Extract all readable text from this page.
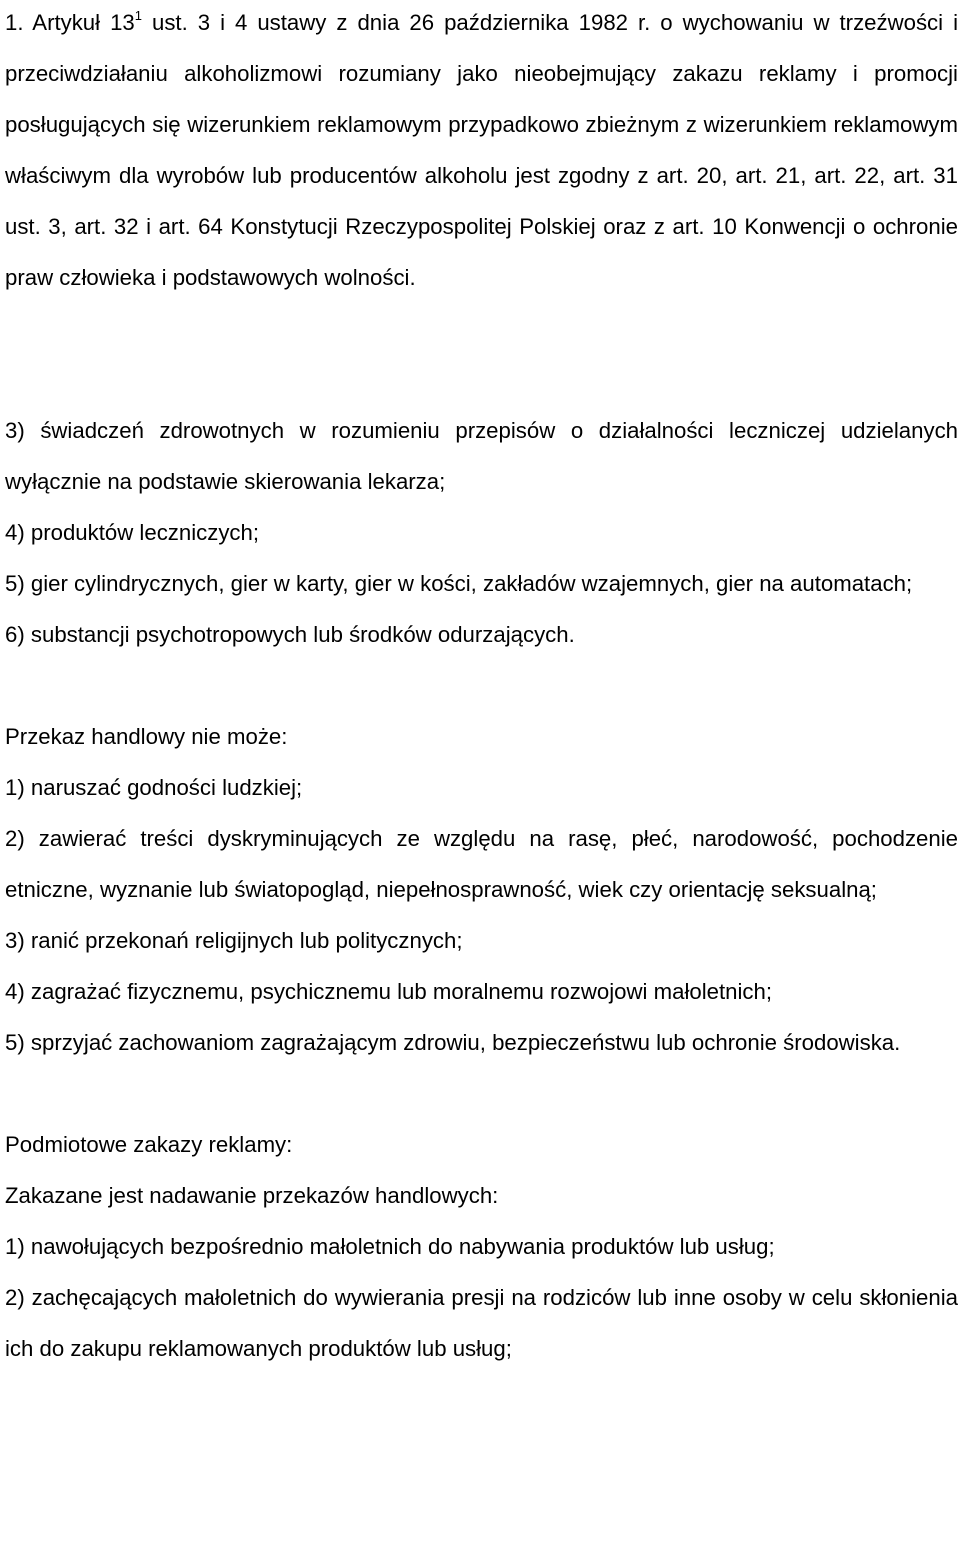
1. Artykuł $13^1$ ust. 3 i 4 ustawy z dnia 26 października 1982 r. o wychowaniu w trzeźwości i przeciwdziałaniu alkoholizmowi rozumiany jako nieobejmujący zakazu reklamy i promocji posługujących się wizerunkiem reklamowym przypadkowo zbieżnym z wizerunkiem reklamowym właściwym dla wyrobów lub producentów alkoholu jest zgodny z art. 20, art. 21, art. 22, art. 31 ust. 3, art. 32 i art. 64 Konstytucji Rzeczypospolitej Polskiej oraz z art. 10 Konwencji o ochronie praw człowieka i podstawowych wolności.

3) świadczeń zdrowotnych w rozumieniu przepisów o działalności leczniczej udzielanych wyłącznie na podstawie skierowania lekarza;

4) produktów leczniczych;

5) gier cylindrycznych, gier w karty, gier w kości, zakładów wzajemnych, gier na automatach;

6) substancji psychotropowych lub środków odurzających.

Przekaz handlowy nie może:

1) naruszać godności ludzkiej;

2) zawierać treści dyskryminujących ze względu na rasę, płeć, narodowość, pochodzenie etniczne, wyznanie lub światopogląd, niepełnosprawność, wiek czy orientację seksualną;

3) ranić przekonań religijnych lub politycznych;

4) zagrażać fizycznemu, psychicznemu lub moralnemu rozwojowi małoletnich;

5) sprzyjać zachowaniom zagrażającym zdrowiu, bezpieczeństwu lub ochronie środowiska.

Podmiotowe zakazy reklamy:

Zakazane jest nadawanie przekazów handlowych:

1) nawołujących bezpośrednio małoletnich do nabywania produktów lub usług;

2) zachęcających małoletnich do wywierania presji na rodziców lub inne osoby w celu skłonienia ich do zakupu reklamowanych produktów lub usług;
